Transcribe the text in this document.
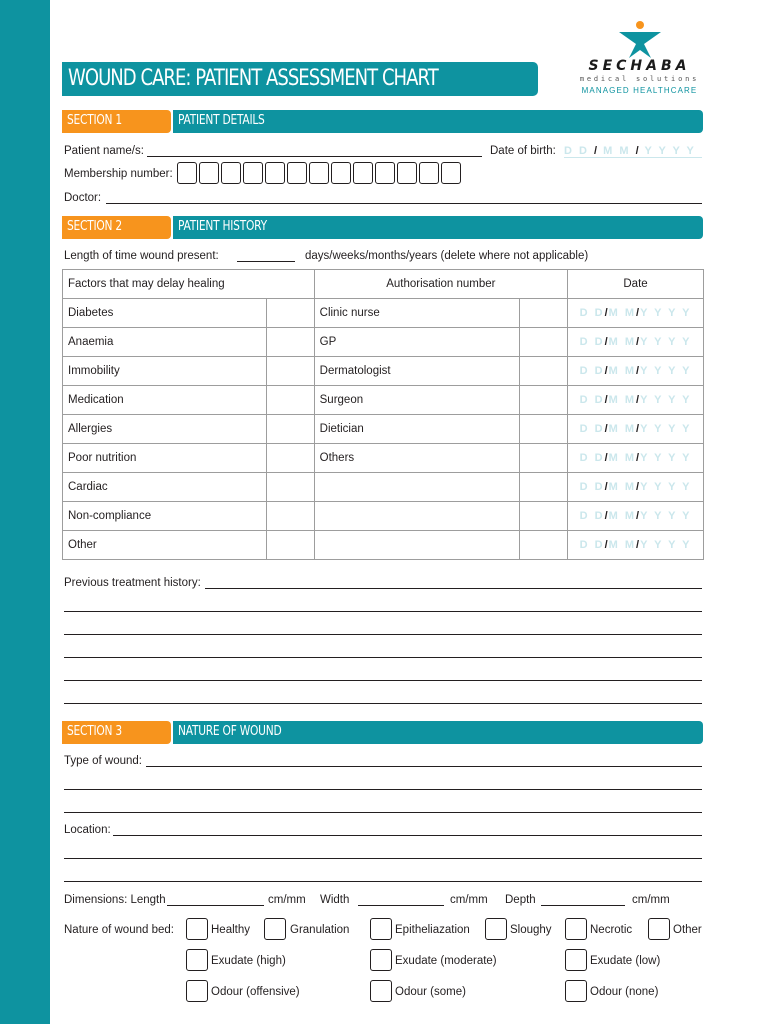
WOUND CARE: PATIENT ASSESSMENT CHART	SECHABA
medical solutions
MANAGED HEALTHCARE
SECTION 1	PATIENT DETAILS
Patient name/s:	Date of birth: D D / M M / Y Y Y Y
Membership number:
Doctor:
SECTION 2	PATIENT HISTORY
Length of time wound present:	days/weeks/months/years (delete where not applicable)
Factors that may delay healing		Authorisation number		Date
Diabetes		Clinic nurse		D D/M M/Y Y Y Y
Anaemia		GP		D D/M M/Y Y Y Y
Immobility		Dermatologist		D D/M M/Y Y Y Y
Medication		Surgeon		D D/M M/Y Y Y Y
Allergies		Dietician		D D/M M/Y Y Y Y
Poor nutrition		Others		D D/M M/Y Y Y Y
Cardiac				D D/M M/Y Y Y Y
Non-compliance				D D/M M/Y Y Y Y
Other				D D/M M/Y Y Y Y
Previous treatment history:
SECTION 3	NATURE OF WOUND
Type of wound:
Location:
Dimensions: Length	cm/mm Width	cm/mm Depth	cm/mm
Nature of wound bed:	Healthy	Granulation	Epitheliazation	Sloughy	Necrotic	Other
Exudate (high)	Exudate (moderate)	Exudate (low)
Odour (offensive)	Odour (some)	Odour (none)
